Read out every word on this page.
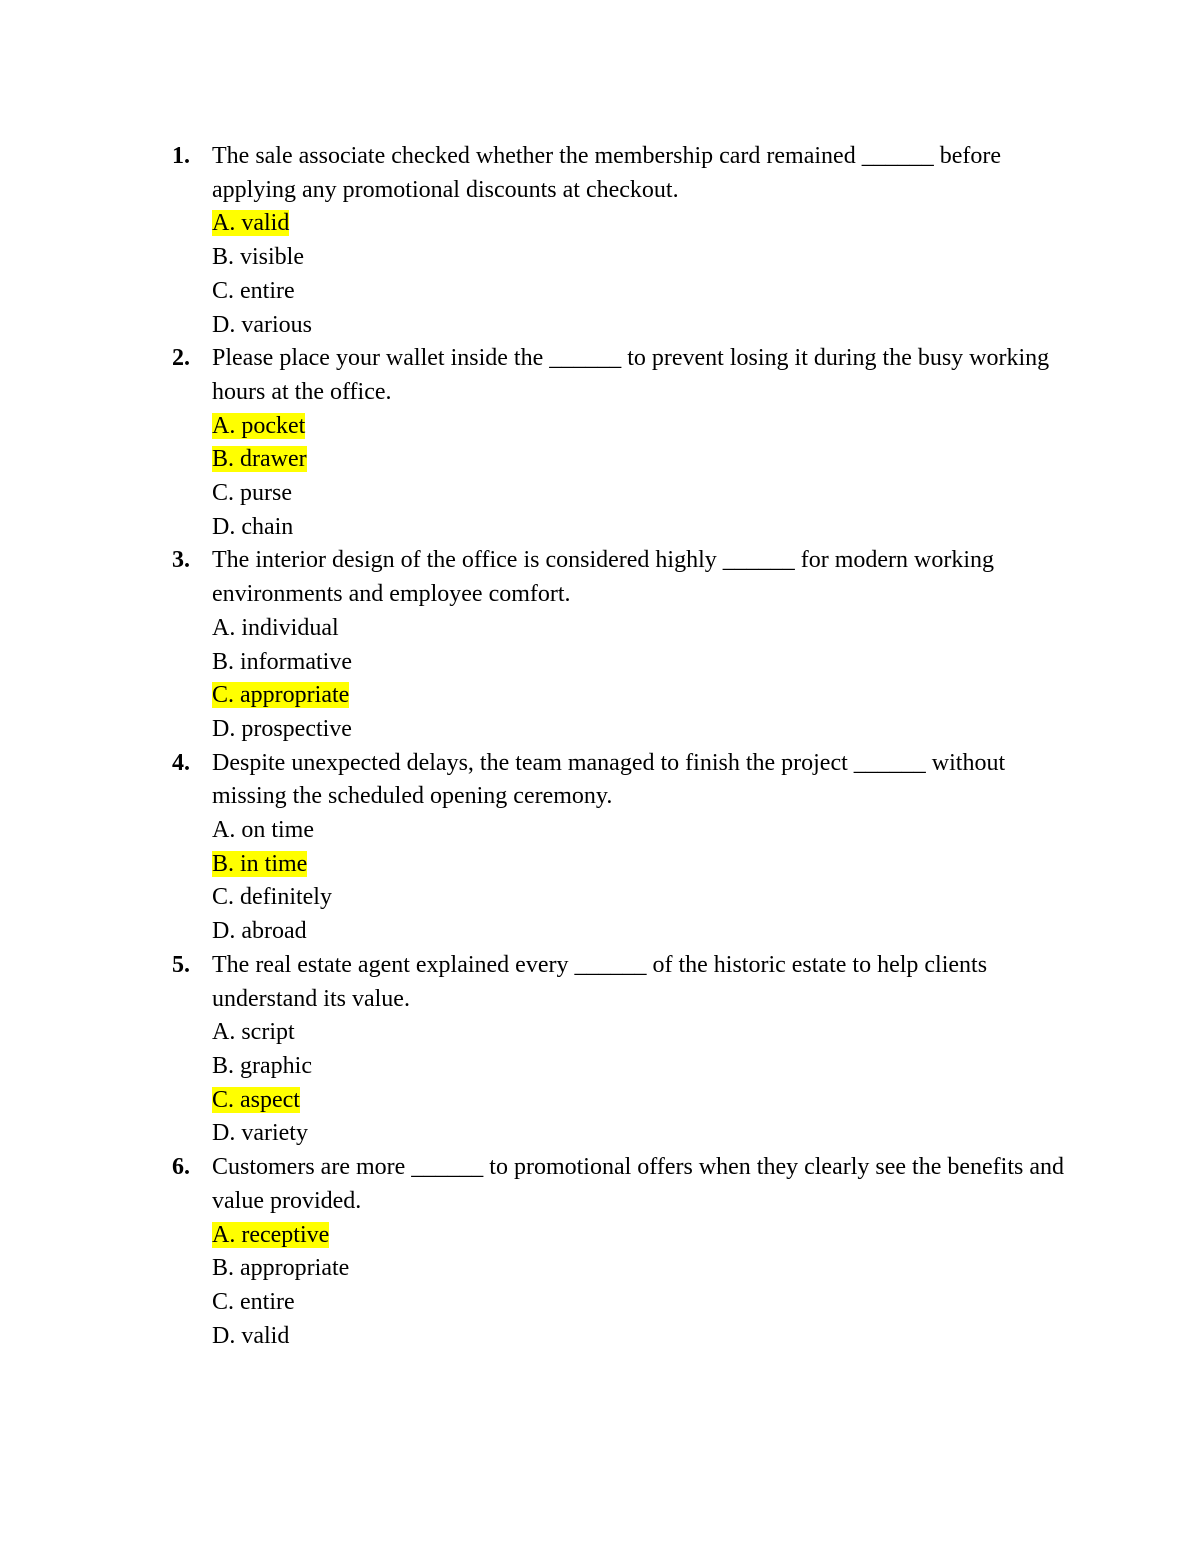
1. The sale associate checked whether the membership card remained ______ before applying any promotional discounts at checkout.
A. valid
B. visible
C. entire
D. various
2. Please place your wallet inside the ______ to prevent losing it during the busy working hours at the office.
A. pocket
B. drawer
C. purse
D. chain
3. The interior design of the office is considered highly ______ for modern working environments and employee comfort.
A. individual
B. informative
C. appropriate
D. prospective
4. Despite unexpected delays, the team managed to finish the project ______ without missing the scheduled opening ceremony.
A. on time
B. in time
C. definitely
D. abroad
5. The real estate agent explained every ______ of the historic estate to help clients understand its value.
A. script
B. graphic
C. aspect
D. variety
6. Customers are more ______ to promotional offers when they clearly see the benefits and value provided.
A. receptive
B. appropriate
C. entire
D. valid
